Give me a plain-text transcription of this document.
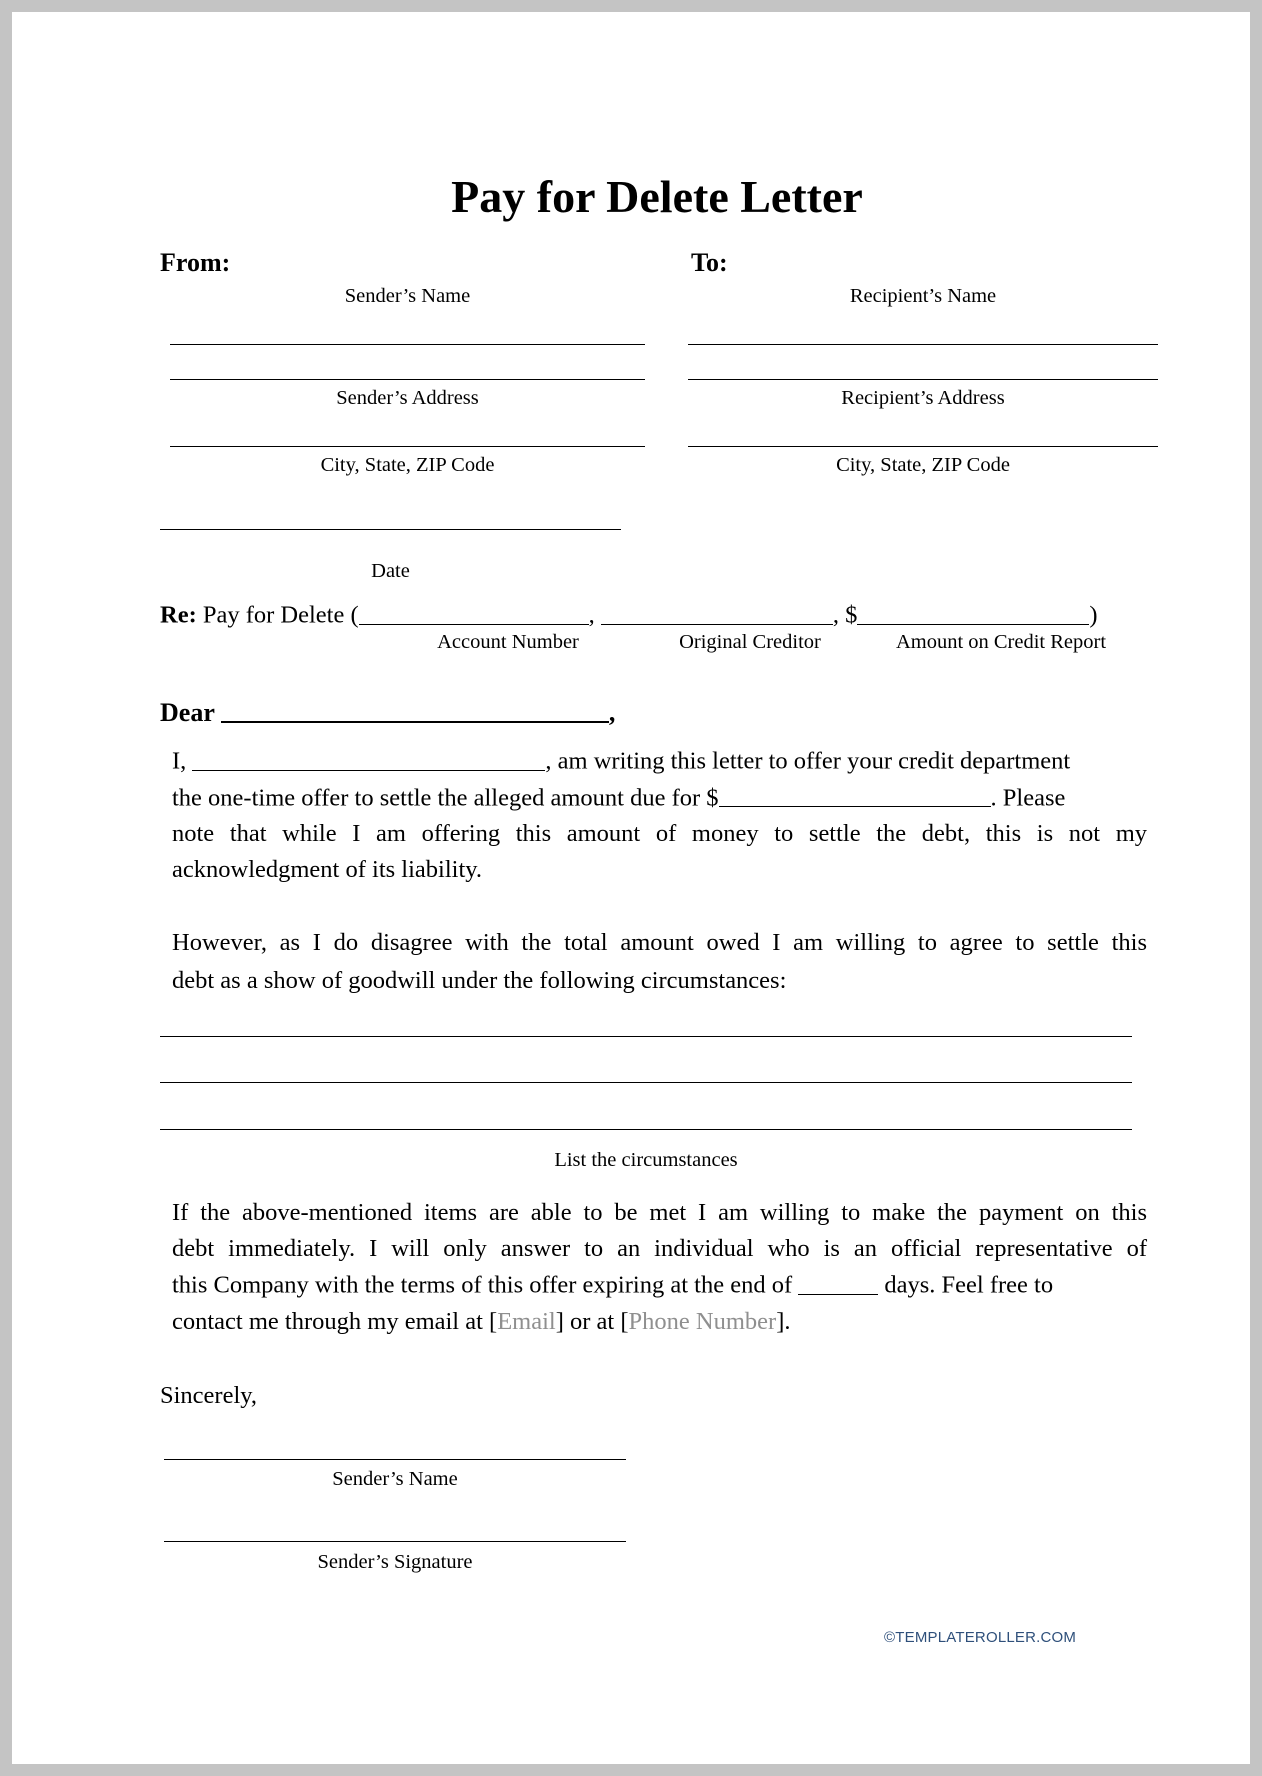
Pay for Delete Letter
From:
Sender’s Name
Sender’s Address
City, State, ZIP Code
To:
Recipient’s Name
Recipient’s Address
City, State, ZIP Code
Date
Re: Pay for Delete (	,	, $	)
Account Number	Original Creditor	Amount on Credit Report
Dear	,
I,	, am writing this letter to offer your credit department
the one-time offer to settle the alleged amount due for $	. Please
note that while I am offering this amount of money to settle the debt, this is not my
acknowledgment of its liability.
However, as I do disagree with the total amount owed I am willing to agree to settle this
debt as a show of goodwill under the following circumstances:
List the circumstances
If the above-mentioned items are able to be met I am willing to make the payment on this
debt immediately. I will only answer to an individual who is an official representative of
this Company with the terms of this offer expiring at the end of	days. Feel free to
contact me through my email at [Email] or at [Phone Number].
Sincerely,
Sender’s Name
Sender’s Signature
©TEMPLATEROLLER.COM
